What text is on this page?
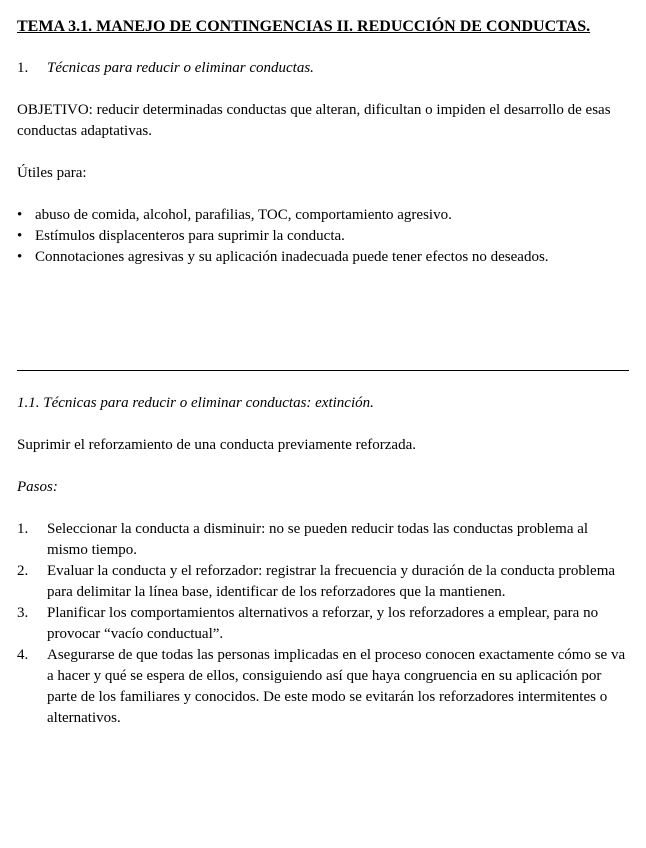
TEMA 3.1. MANEJO DE CONTINGENCIAS II. REDUCCIÓN DE CONDUCTAS.

1. Técnicas para reducir o eliminar conductas.

OBJETIVO: reducir determinadas conductas que alteran, dificultan o impiden el desarrollo de esas conductas adaptativas.

Útiles para:

• abuso de comida, alcohol, parafilias, TOC, comportamiento agresivo.
• Estímulos displacenteros para suprimir la conducta.
• Connotaciones agresivas y su aplicación inadecuada puede tener efectos no deseados.

1.1. Técnicas para reducir o eliminar conductas: extinción.

Suprimir el reforzamiento de una conducta previamente reforzada.

Pasos:

1. Seleccionar la conducta a disminuir: no se pueden reducir todas las conductas problema al mismo tiempo.
2. Evaluar la conducta y el reforzador: registrar la frecuencia y duración de la conducta problema para delimitar la línea base, identificar de los reforzadores que la mantienen.
3. Planificar los comportamientos alternativos a reforzar, y los reforzadores a emplear, para no provocar “vacío conductual”.
4. Asegurarse de que todas las personas implicadas en el proceso conocen exactamente cómo se va a hacer y qué se espera de ellos, consiguiendo así que haya congruencia en su aplicación por parte de los familiares y conocidos. De este modo se evitarán los reforzadores intermitentes o alternativos.
